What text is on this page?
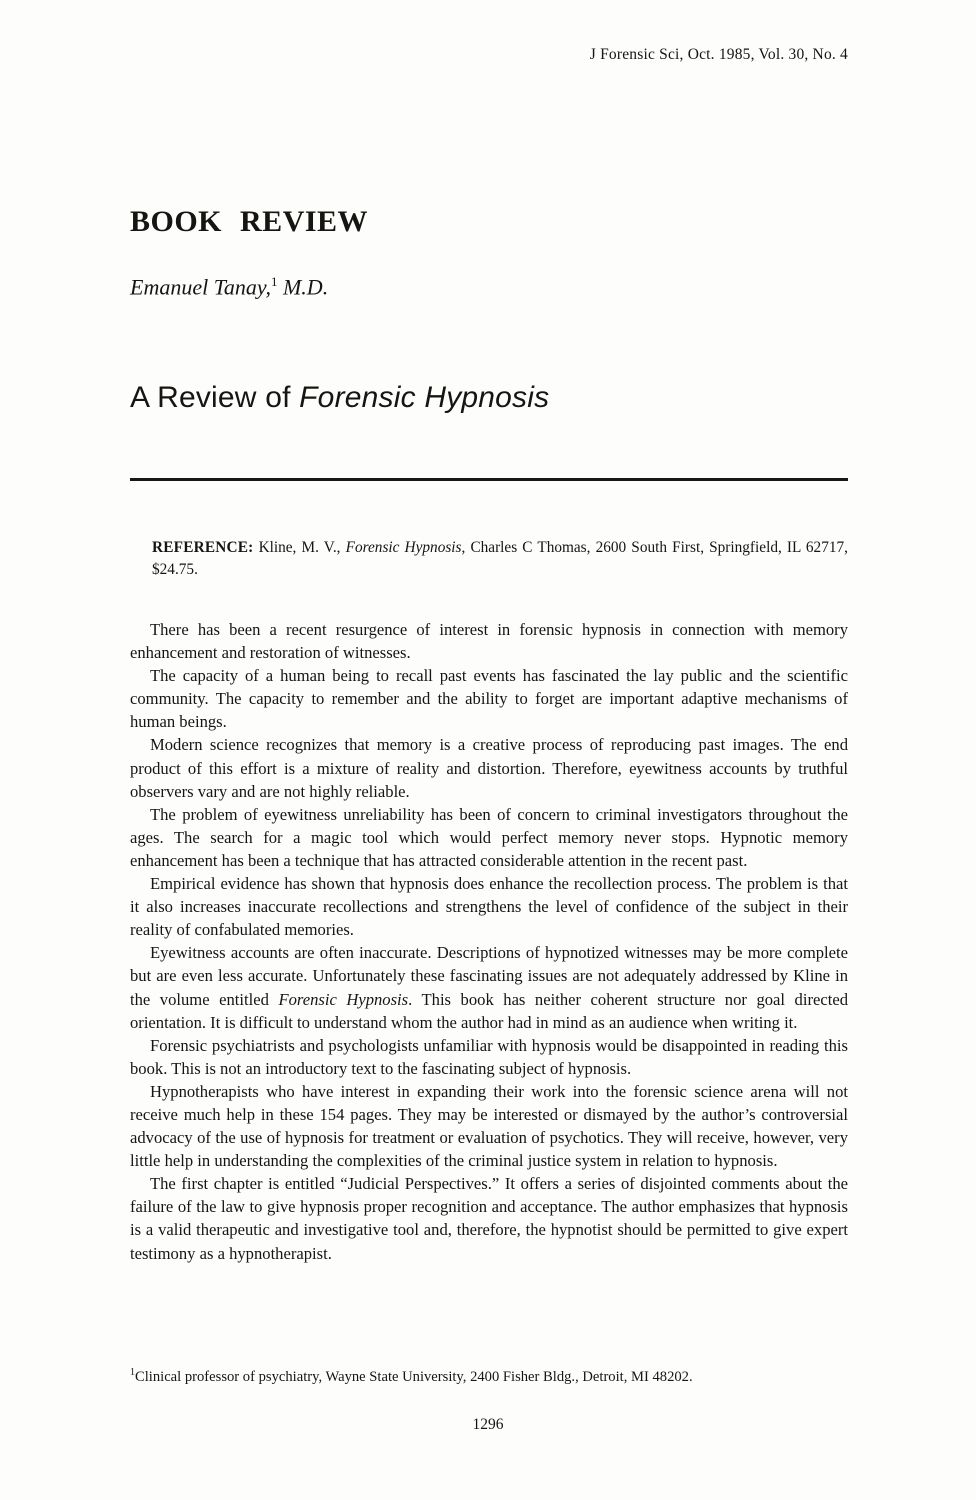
J Forensic Sci, Oct. 1985, Vol. 30, No. 4
BOOK REVIEW

Emanuel Tanay,$^1$ M.D.

A Review of Forensic Hypnosis

REFERENCE: Kline, M. V., Forensic Hypnosis, Charles C Thomas, 2600 South First, Springfield, IL 62717, $24.75.

There has been a recent resurgence of interest in forensic hypnosis in connection with memory enhancement and restoration of witnesses.

The capacity of a human being to recall past events has fascinated the lay public and the scientific community. The capacity to remember and the ability to forget are important adaptive mechanisms of human beings.

Modern science recognizes that memory is a creative process of reproducing past images. The end product of this effort is a mixture of reality and distortion. Therefore, eyewitness accounts by truthful observers vary and are not highly reliable.

The problem of eyewitness unreliability has been of concern to criminal investigators throughout the ages. The search for a magic tool which would perfect memory never stops. Hypnotic memory enhancement has been a technique that has attracted considerable attention in the recent past.

Empirical evidence has shown that hypnosis does enhance the recollection process. The problem is that it also increases inaccurate recollections and strengthens the level of confidence of the subject in their reality of confabulated memories.

Eyewitness accounts are often inaccurate. Descriptions of hypnotized witnesses may be more complete but are even less accurate. Unfortunately these fascinating issues are not adequately addressed by Kline in the volume entitled Forensic Hypnosis. This book has neither coherent structure nor goal directed orientation. It is difficult to understand whom the author had in mind as an audience when writing it.

Forensic psychiatrists and psychologists unfamiliar with hypnosis would be disappointed in reading this book. This is not an introductory text to the fascinating subject of hypnosis.

Hypnotherapists who have interest in expanding their work into the forensic science arena will not receive much help in these 154 pages. They may be interested or dismayed by the author’s controversial advocacy of the use of hypnosis for treatment or evaluation of psychotics. They will receive, however, very little help in understanding the complexities of the criminal justice system in relation to hypnosis.

The first chapter is entitled “Judicial Perspectives.” It offers a series of disjointed comments about the failure of the law to give hypnosis proper recognition and acceptance. The author emphasizes that hypnosis is a valid therapeutic and investigative tool and, therefore, the hypnotist should be permitted to give expert testimony as a hypnotherapist.

$^1$Clinical professor of psychiatry, Wayne State University, 2400 Fisher Bldg., Detroit, MI 48202.

1296
